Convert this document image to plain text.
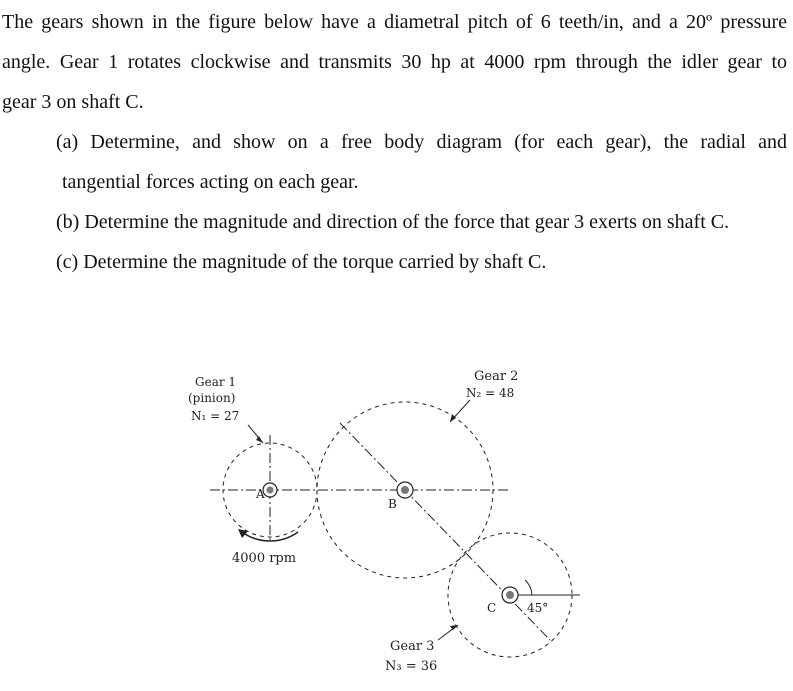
The gears shown in the figure below have a diametral pitch of 6 teeth/in, and a 20º pressure
angle. Gear 1 rotates clockwise and transmits 30 hp at 4000 rpm through the idler gear to
gear 3 on shaft C.
(a) Determine, and show on a free body diagram (for each gear), the radial and
tangential forces acting on each gear.
(b) Determine the magnitude and direction of the force that gear 3 exerts on shaft C.
(c) Determine the magnitude of the torque carried by shaft C.
Gear 1
(pinion)
N₁ = 27
A
4000 rpm
Gear 2
N₂ = 48
B
C	45°
Gear 3
N₃ = 36
